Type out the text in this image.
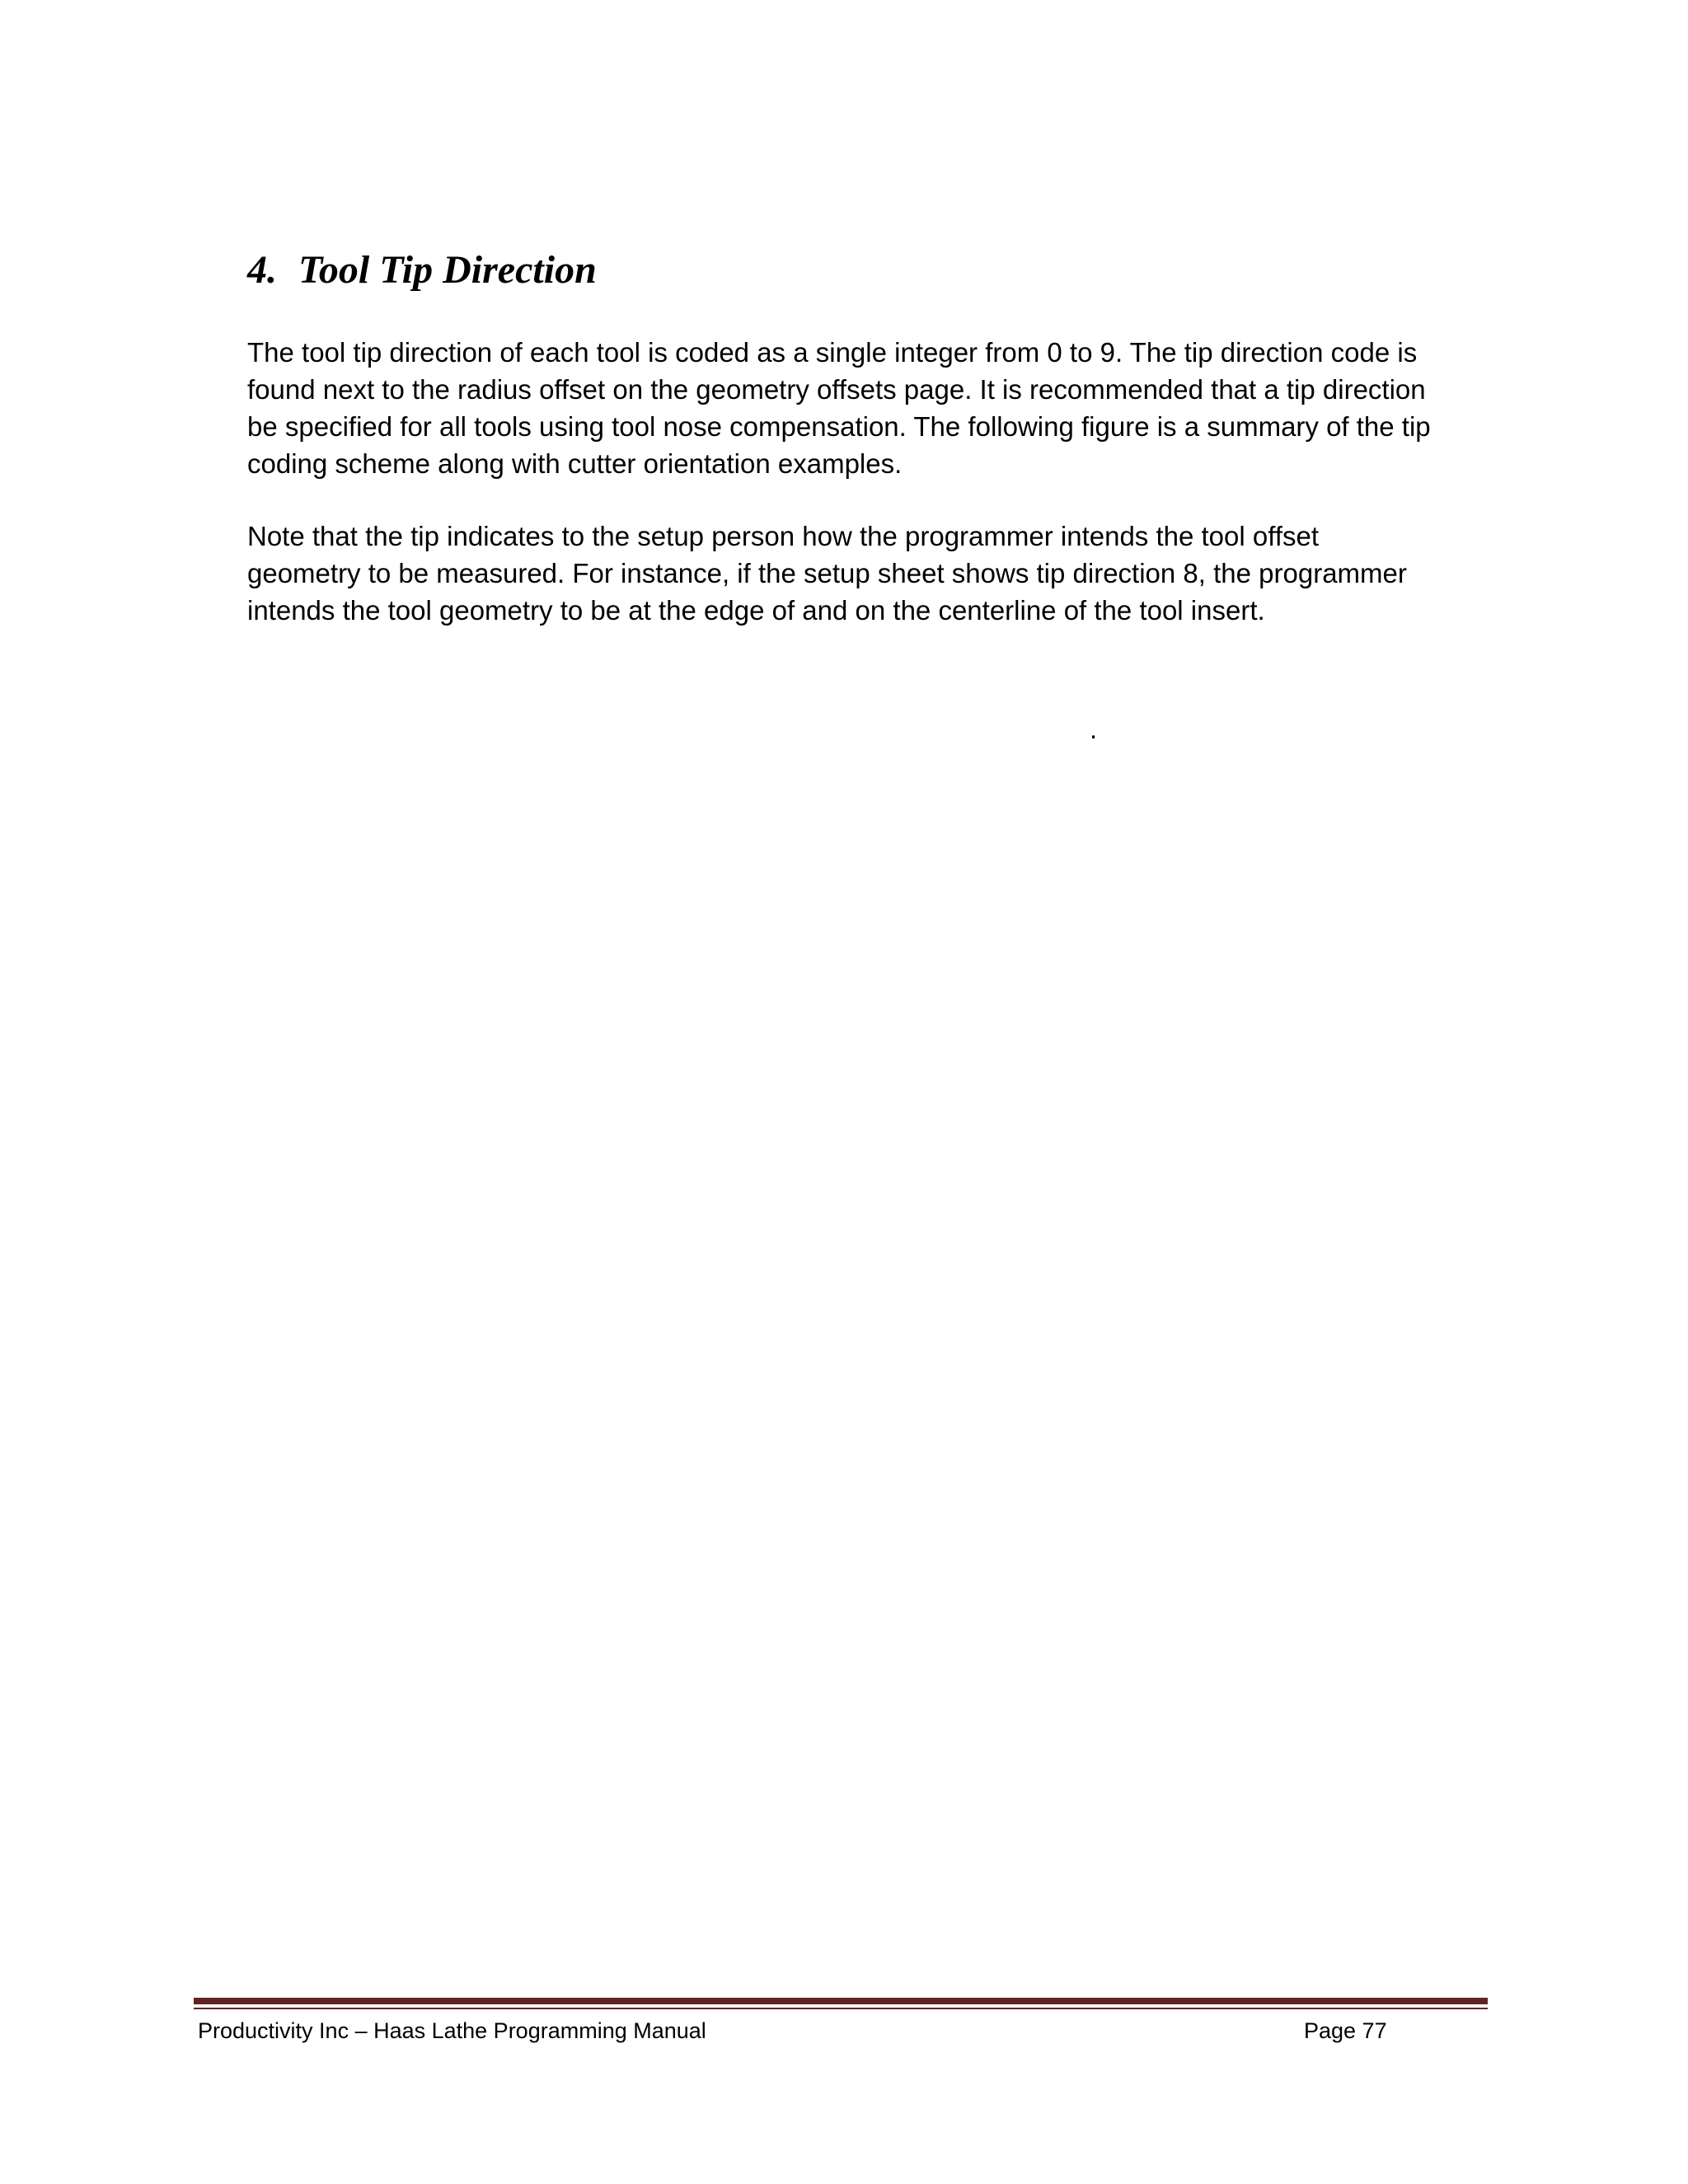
4. Tool Tip Direction

The tool tip direction of each tool is coded as a single integer from 0 to 9. The tip direction code is
found next to the radius offset on the geometry offsets page. It is recommended that a tip direction
be specified for all tools using tool nose compensation. The following figure is a summary of the tip
coding scheme along with cutter orientation examples.

Note that the tip indicates to the setup person how the programmer intends the tool offset
geometry to be measured. For instance, if the setup sheet shows tip direction 8, the programmer
intends the tool geometry to be at the edge of and on the centerline of the tool insert.

.
Productivity Inc – Haas Lathe Programming Manual	Page 77
